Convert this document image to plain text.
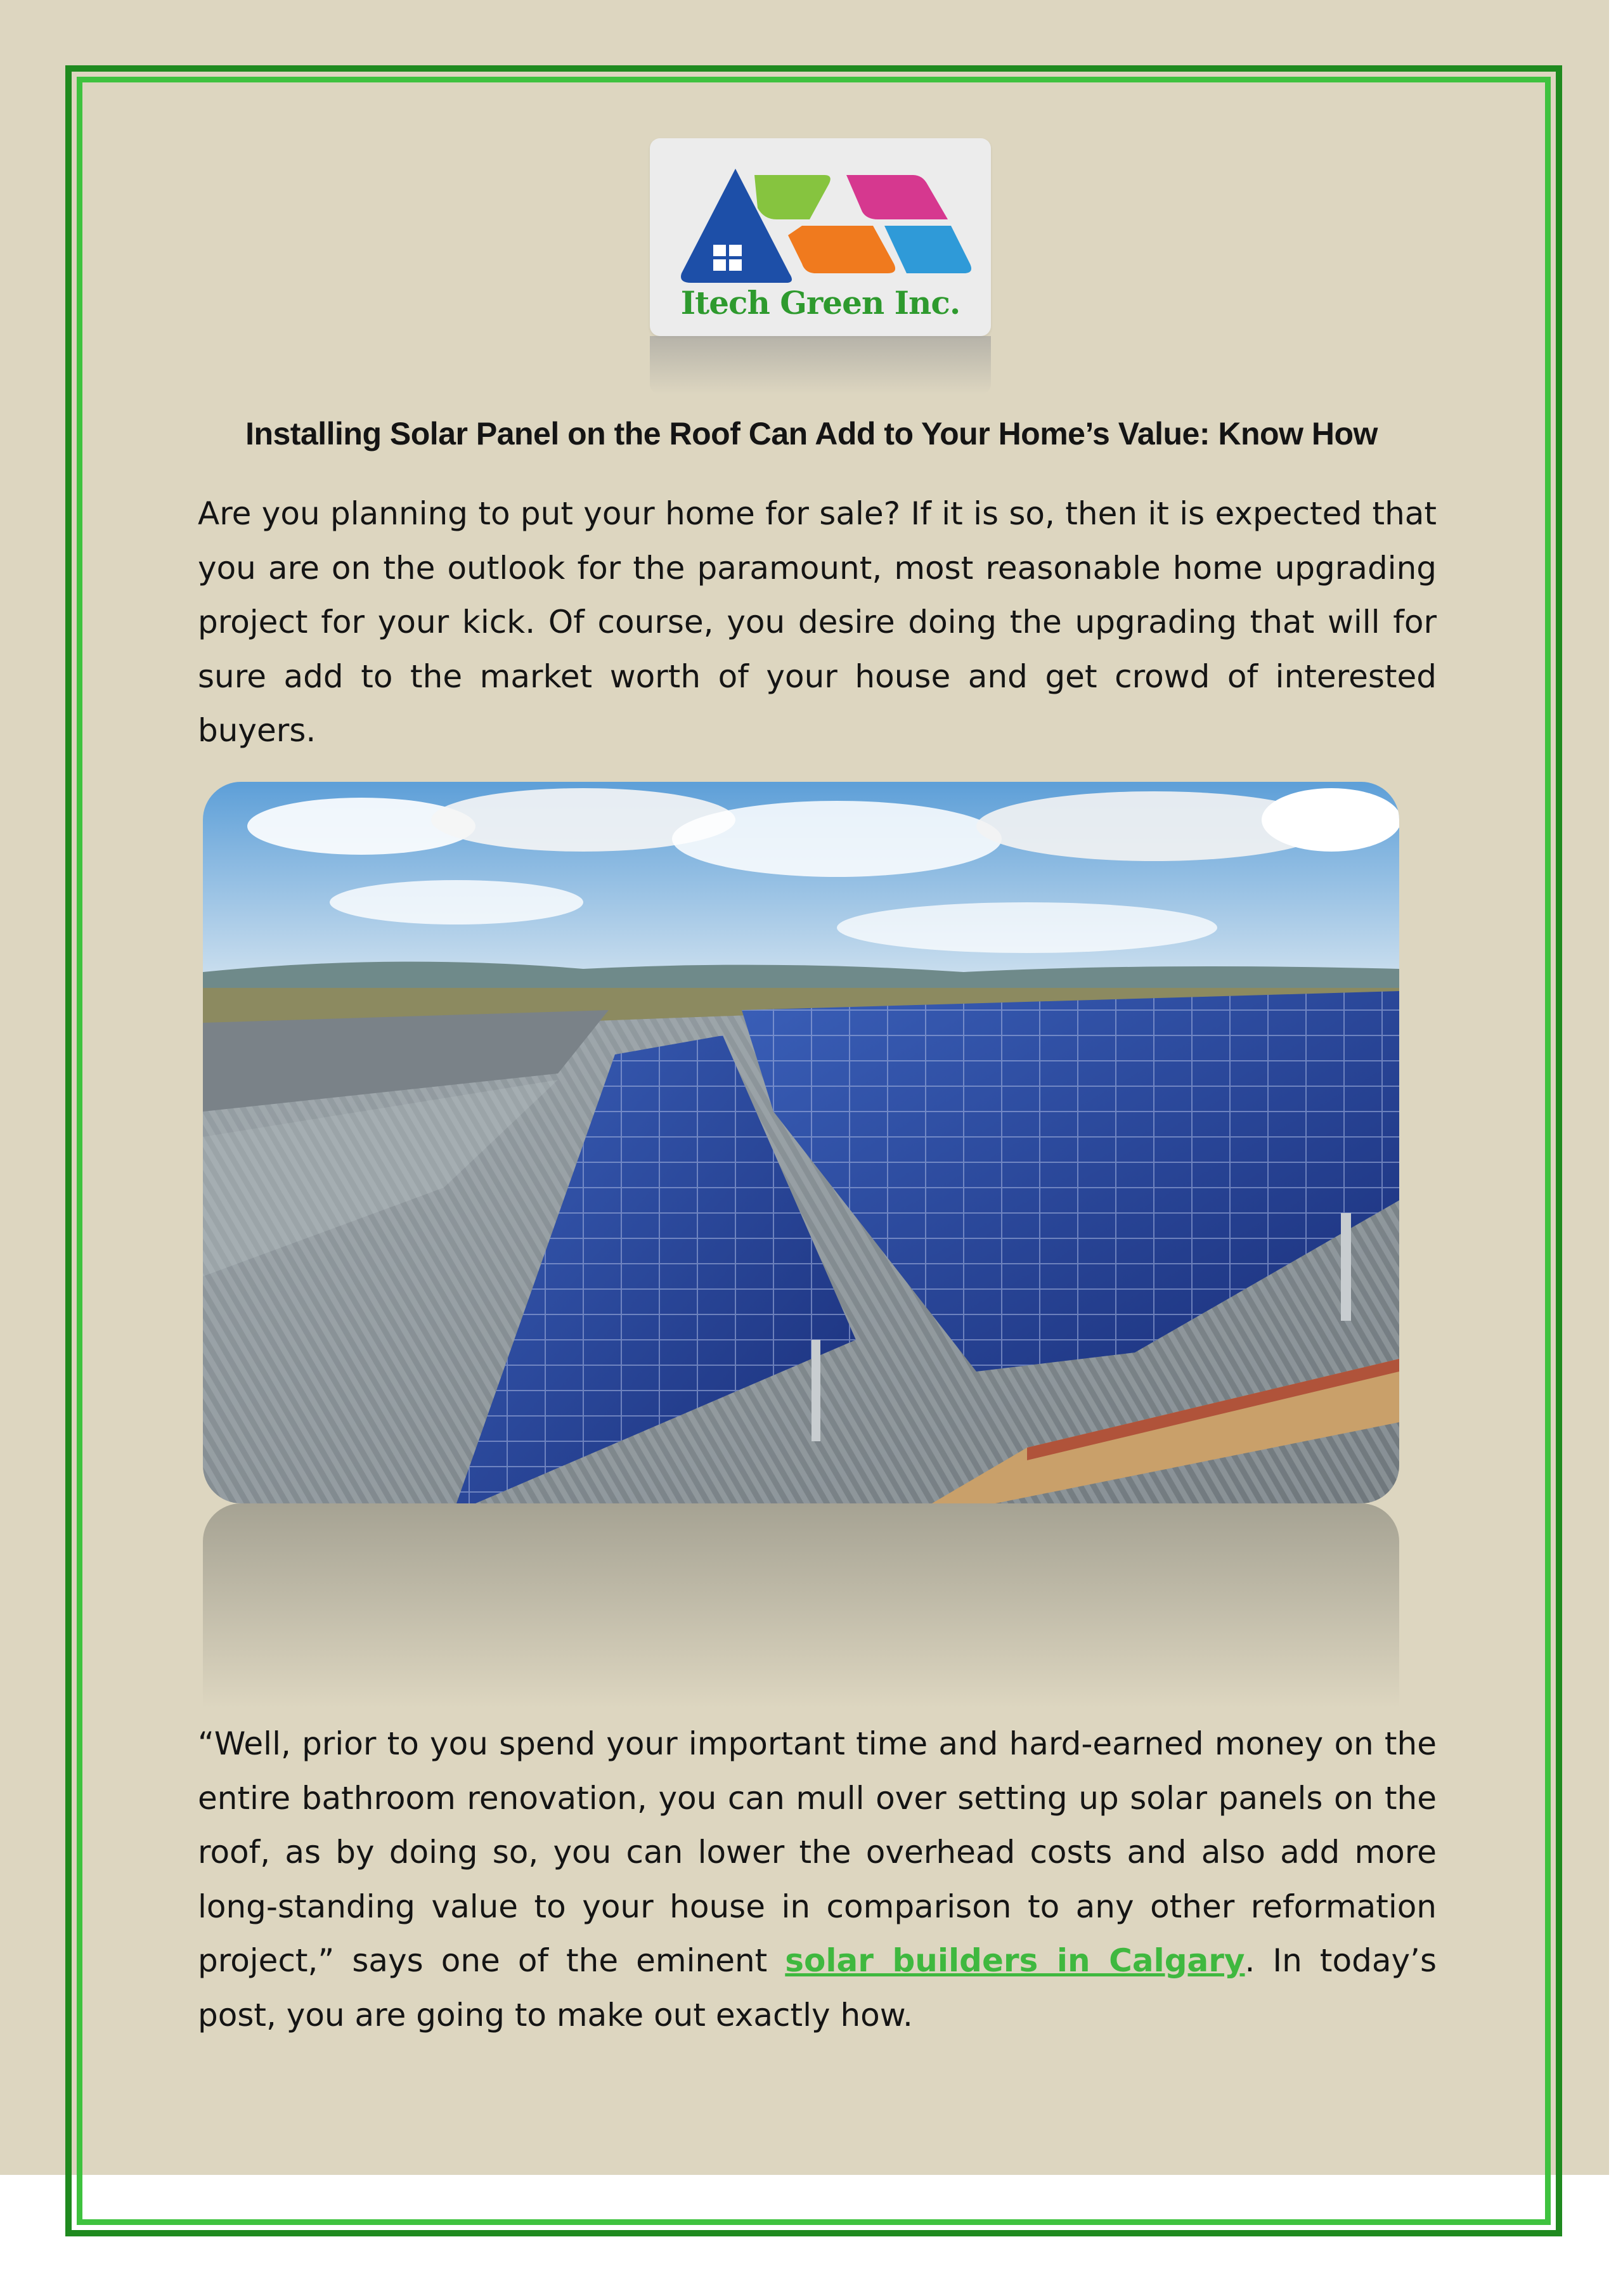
Itech Green Inc.
Installing Solar Panel on the Roof Can Add to Your Home’s Value: Know How

Are you planning to put your home for sale? If it is so, then it is expected that you are on the outlook for the paramount, most reasonable home upgrading project for your kick. Of course, you desire doing the upgrading that will for sure add to the market worth of your house and get crowd of interested buyers.

“Well, prior to you spend your important time and hard-earned money on the entire bathroom renovation, you can mull over setting up solar panels on the roof, as by doing so, you can lower the overhead costs and also add more long-standing value to your house in comparison to any other reformation project,” says one of the eminent solar builders in Calgary. In today’s post, you are going to make out exactly how.
